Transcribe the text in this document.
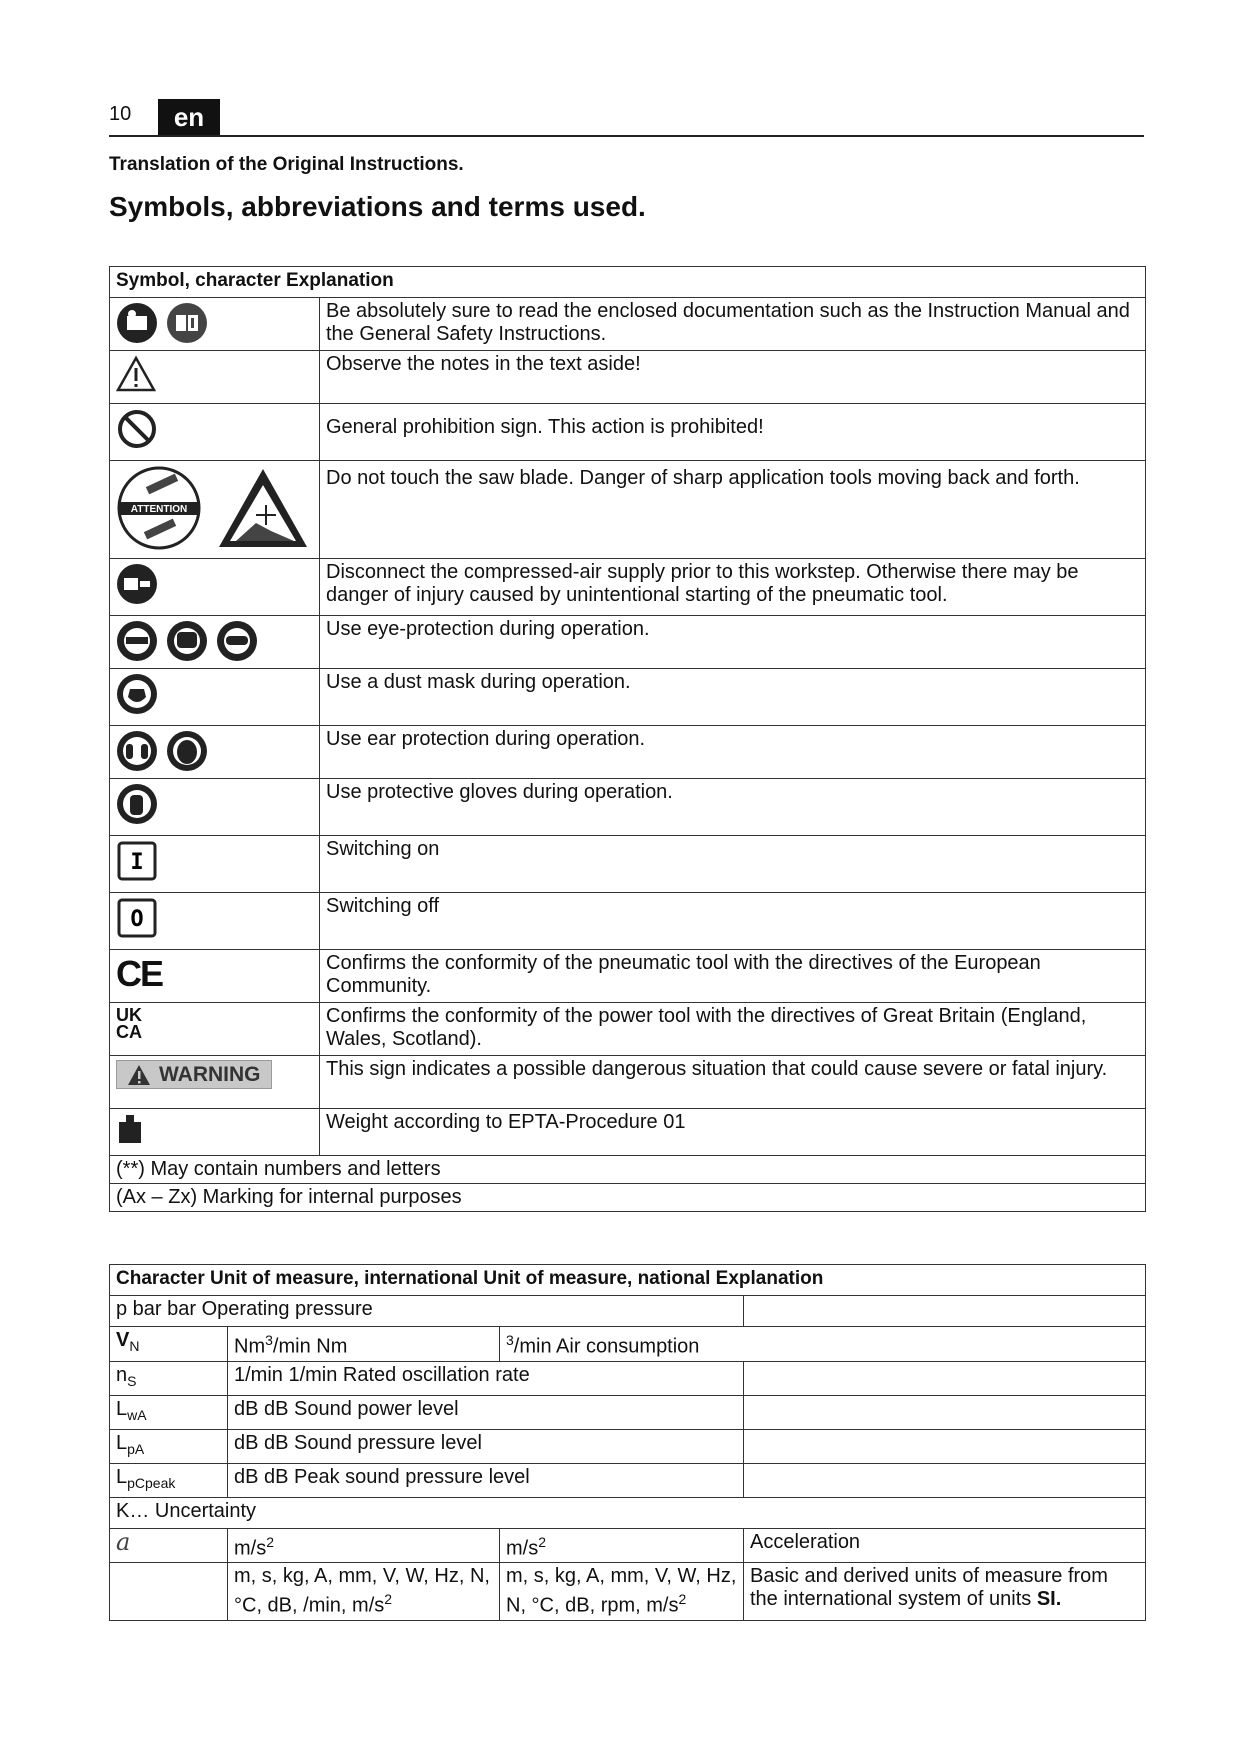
10	en
Translation of the Original Instructions.
Symbols, abbreviations and terms used.
Symbol, character Explanation	

	Be absolutely sure to read the enclosed documentation such as the Instruction Manual and the General Safety Instructions.
	Observe the notes in the text aside!
	General prohibition sign. This action is prohibited!

ATTENTION	Do not touch the saw blade. Danger of sharp application tools moving back and forth.
	Disconnect the compressed-air supply prior to this workstep. Otherwise there may be danger of injury caused by unintentional starting of the pneumatic tool.

	Use eye-protection during operation.
	Use a dust mask during operation.

	Use ear protection during operation.
	Use protective gloves during operation.

I	Switching on

O	Switching off
CE	Confirms the conformity of the pneumatic tool with the directives of the European Community.
UK
CA	Confirms the conformity of the power tool with the directives of Great Britain (England, Wales, Scotland).

WARNING	This sign indicates a possible dangerous situation that could cause severe or fatal injury.
	Weight according to EPTA-Procedure 01
(**) May contain numbers and letters	
(Ax – Zx) Marking for internal purposes	
Character Unit of measure, international Unit of measure, national Explanation			
p bar bar Operating pressure			
$V_N$	Nm$^3$/min Nm	$^3$/min Air consumption	
$n_S$	1/min 1/min Rated oscillation rate		
$L_{wA}$	dB dB Sound power level		
$L_{pA}$	dB dB Sound pressure level		
$L_{pCpeak}$	dB dB Peak sound pressure level		
K… Uncertainty			
a	$m/s^2$	$m/s^2$	Acceleration
	m, s, kg, A, mm, V, W, Hz, N, °C, dB, /min, $m/s^2$	m, s, kg, A, mm, V, W, Hz, N, °C, dB, rpm, $m/s^2$	Basic and derived units of measure from the international system of units SI.
